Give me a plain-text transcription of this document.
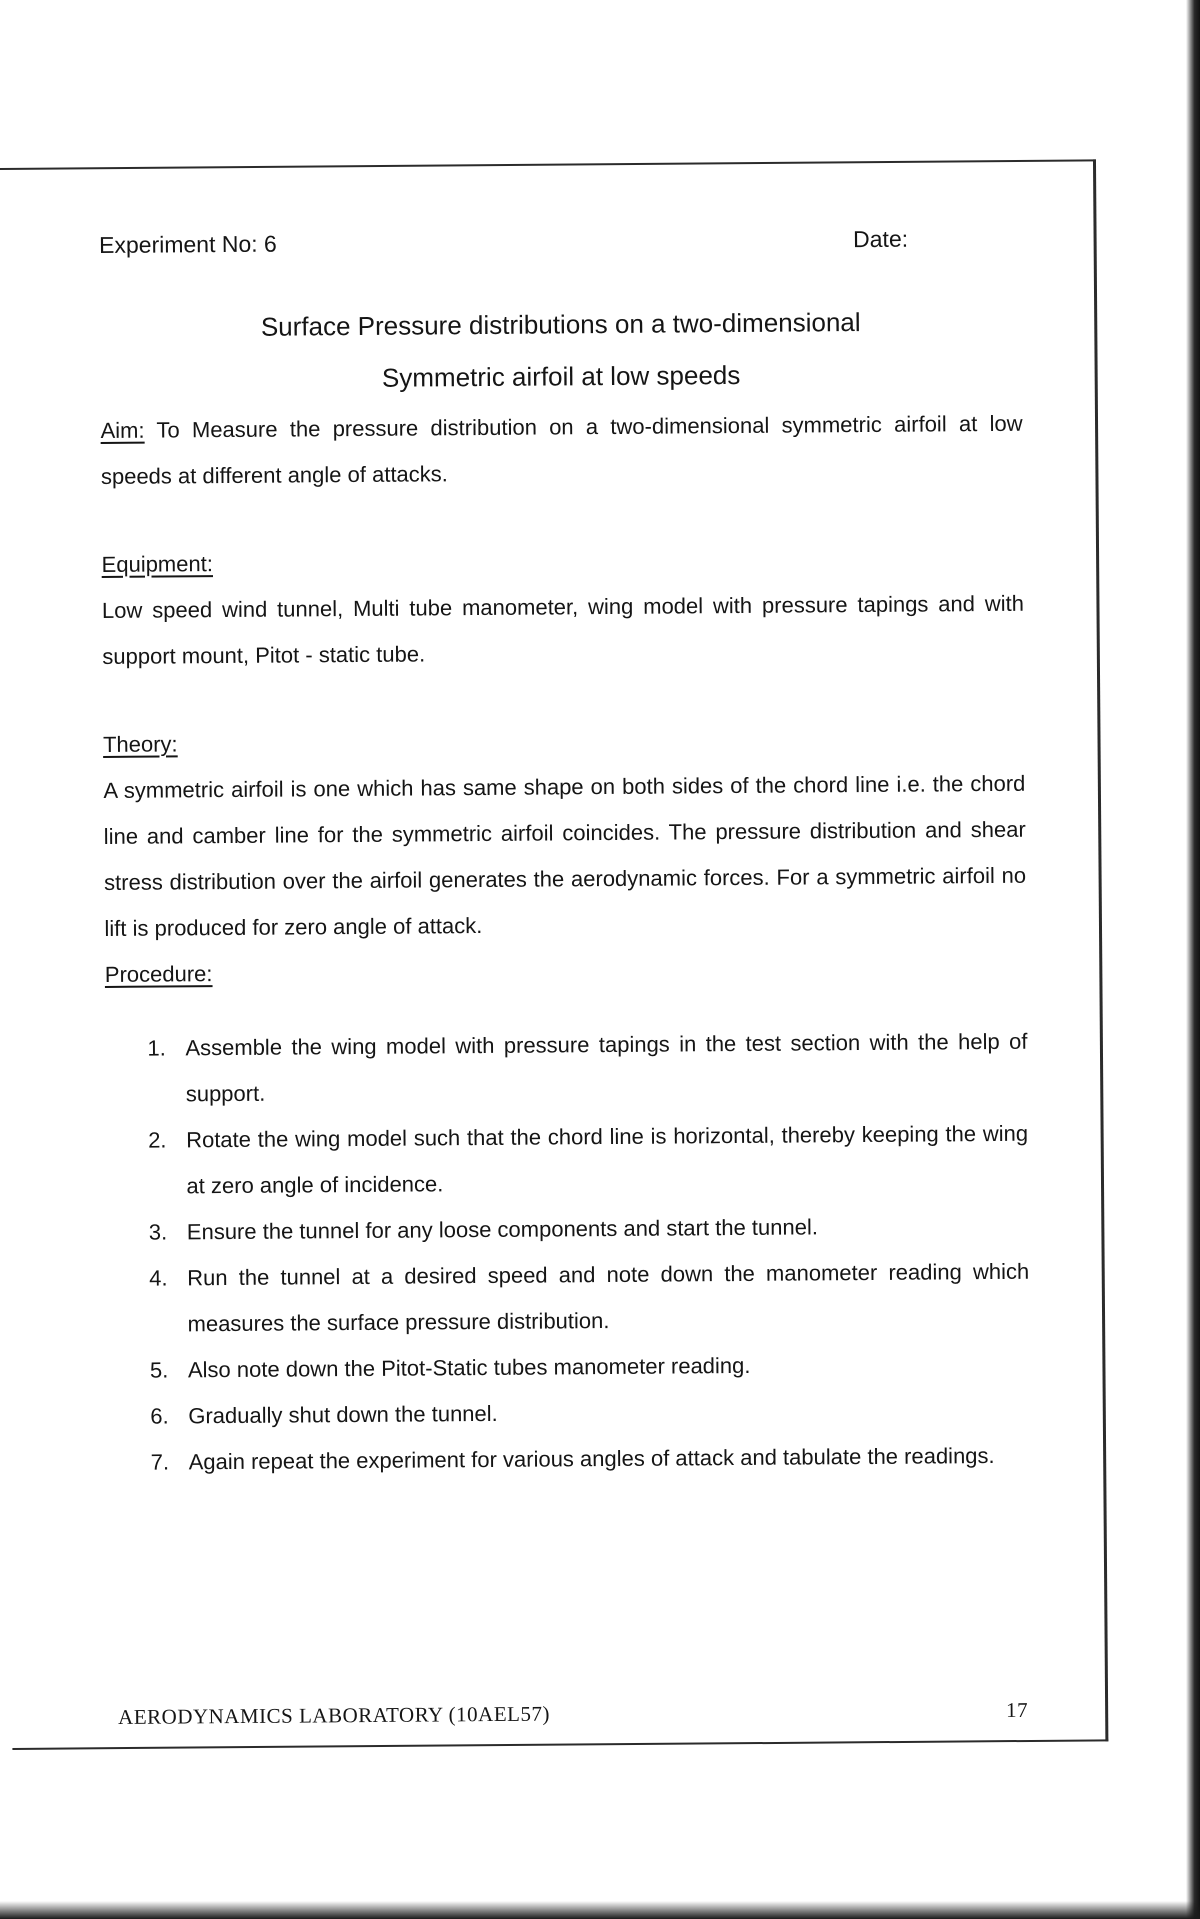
Experiment No: 6	Date:
Surface Pressure distributions on a two-dimensional
Symmetric airfoil at low speeds

Aim: To Measure the pressure distribution on a two-dimensional symmetric airfoil at low speeds at different angle of attacks.

Equipment:

Low speed wind tunnel, Multi tube manometer, wing model with pressure tapings and with support mount, Pitot - static tube.

Theory:

A symmetric airfoil is one which has same shape on both sides of the chord line i.e. the chord line and camber line for the symmetric airfoil coincides. The pressure distribution and shear stress distribution over the airfoil generates the aerodynamic forces. For a symmetric airfoil no lift is produced for zero angle of attack.

Procedure:
1. Assemble the wing model with pressure tapings in the test section with the help of support.
2. Rotate the wing model such that the chord line is horizontal, thereby keeping the wing at zero angle of incidence.
3. Ensure the tunnel for any loose components and start the tunnel.
4. Run the tunnel at a desired speed and note down the manometer reading which measures the surface pressure distribution.
5. Also note down the Pitot-Static tubes manometer reading.
6. Gradually shut down the tunnel.
7. Again repeat the experiment for various angles of attack and tabulate the readings.
AERODYNAMICS LABORATORY (10AEL57)	17
